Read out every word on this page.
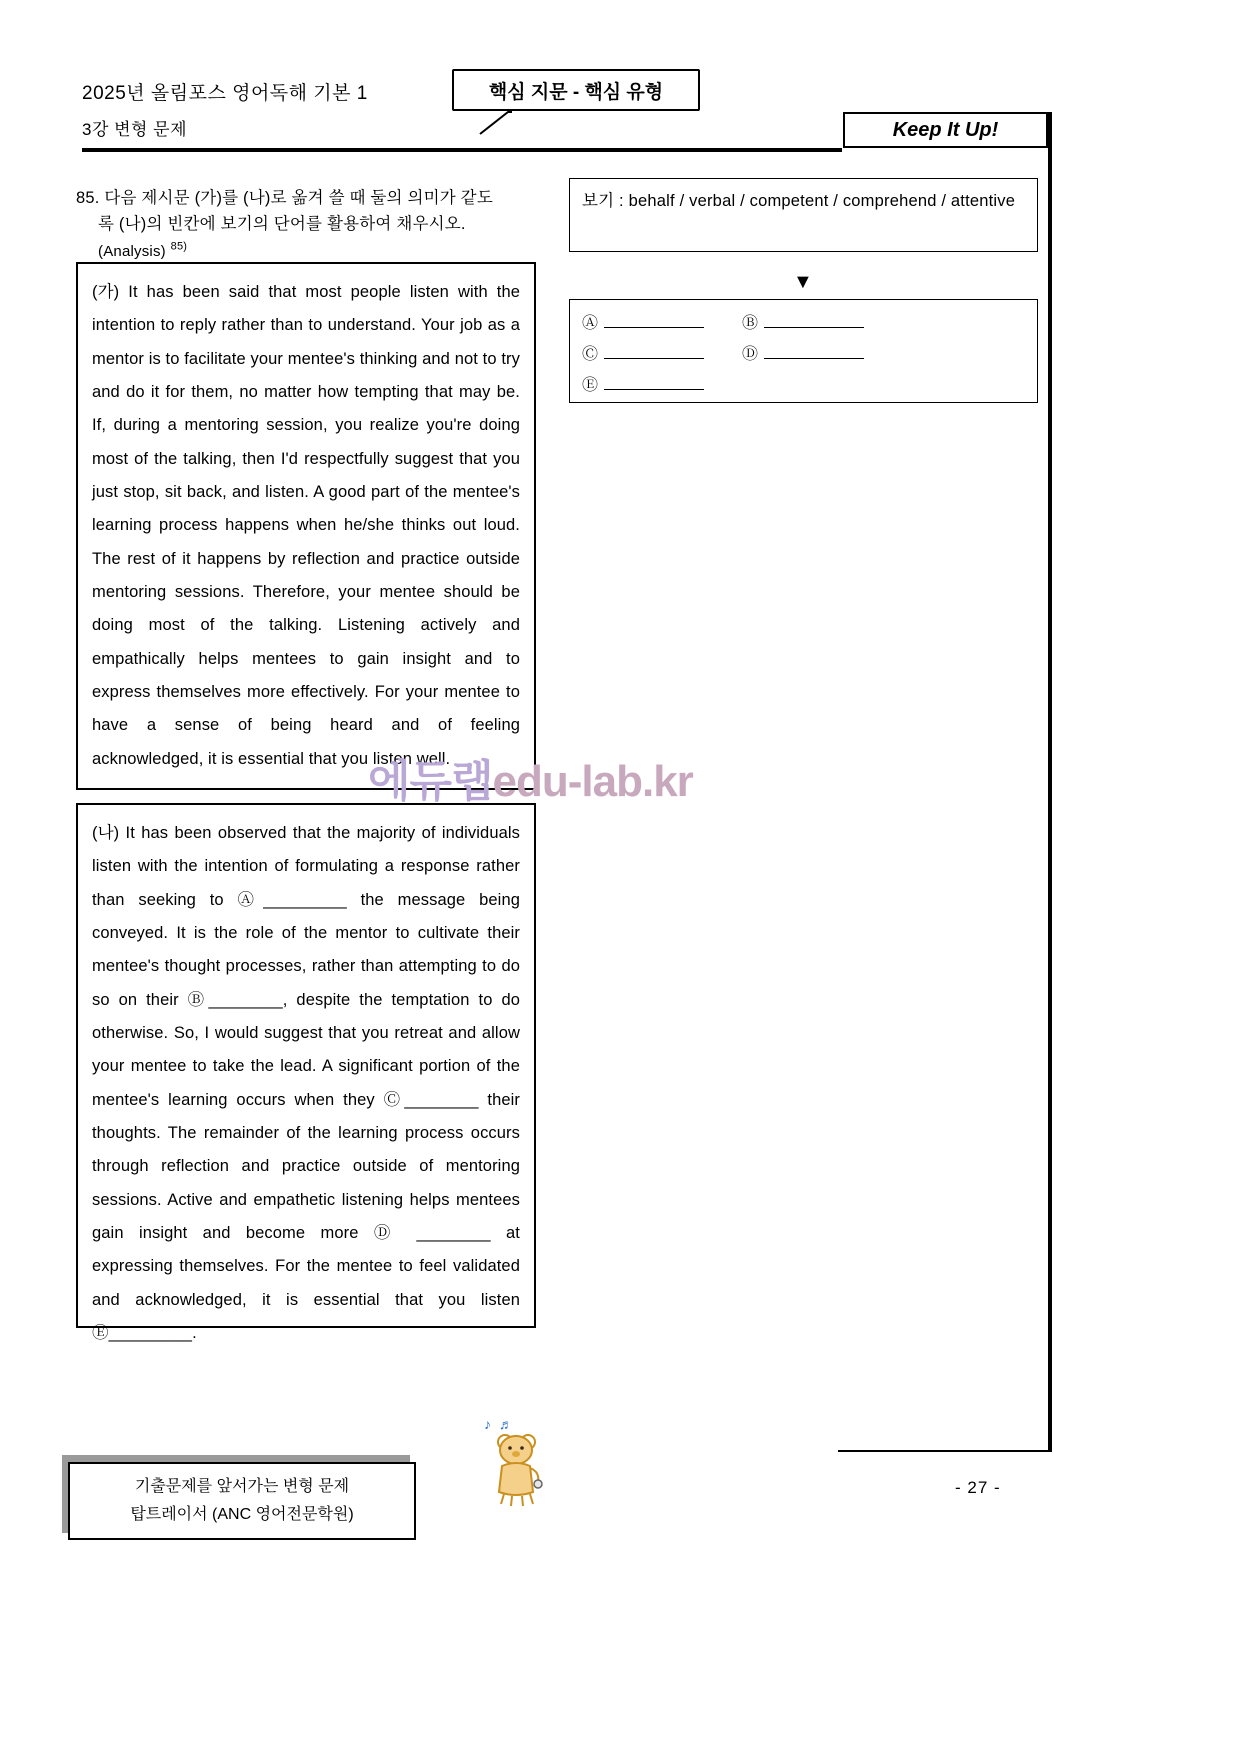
2025년 올림포스 영어독해 기본 1
3강 변형 문제
핵심 지문 - 핵심 유형
Keep It Up!
85. 다음 제시문 (가)를 (나)로 옮겨 쓸 때 둘의 의미가 같도
록 (나)의 빈칸에 보기의 단어를 활용하여 채우시오.
(Analysis) $^{85)}$
(가) It has been said that most people listen with the intention to reply rather than to understand. Your job as a mentor is to facilitate your mentee's thinking and not to try and do it for them, no matter how tempting that may be. If, during a mentoring session, you realize you're doing most of the talking, then I'd respectfully suggest that you just stop, sit back, and listen. A good part of the mentee's learning process happens when he/she thinks out loud. The rest of it happens by reflection and practice outside mentoring sessions. Therefore, your mentee should be doing most of the talking. Listening actively and empathically helps mentees to gain insight and to express themselves more effectively. For your mentee to have a sense of being heard and of feeling acknowledged, it is essential that you listen well.
(나) It has been observed that the majority of individuals listen with the intention of formulating a response rather than seeking to Ⓐ_________ the message being conveyed. It is the role of the mentor to cultivate their mentee's thought processes, rather than attempting to do so on their Ⓑ________, despite the temptation to do otherwise. So, I would suggest that you retreat and allow your mentee to take the lead. A significant portion of the mentee's learning occurs when they Ⓒ________ their thoughts. The remainder of the learning process occurs through reflection and practice outside of mentoring sessions. Active and empathetic listening helps mentees gain insight and become more Ⓓ ________ at expressing themselves. For the mentee to feel validated and acknowledged, it is essential that you listen Ⓔ_________.
보기 : behalf / verbal / competent / comprehend / attentive
▼
Ⓐ	Ⓑ
Ⓒ	Ⓓ
Ⓔ
에듀랩edu-lab.kr
♪ ♬
기출문제를 앞서가는 변형 문제
탑트레이서 (ANC 영어전문학원)
- 27 -
